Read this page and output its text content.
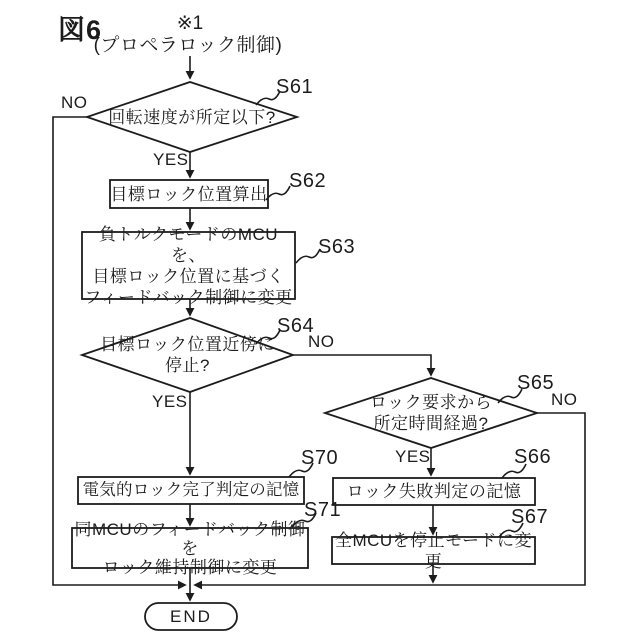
図6	※1
(プロペラロック制御)
回転速度が所定以下?
目標ロック位置算出
負トルクモードのMCUを、
目標ロック位置に基づく
フィードバック制御に変更
目標ロック位置近傍に
停止?
ロック要求から
所定時間経過?
電気的ロック完了判定の記憶
同MCUのフィードバック制御を
ロック維持制御に変更
ロック失敗判定の記憶
全MCUを停止モードに変更
END
S61
S62
S63
S64
S65
S66
S67
S70
S71
NO
YES
NO
YES	NO
YES
